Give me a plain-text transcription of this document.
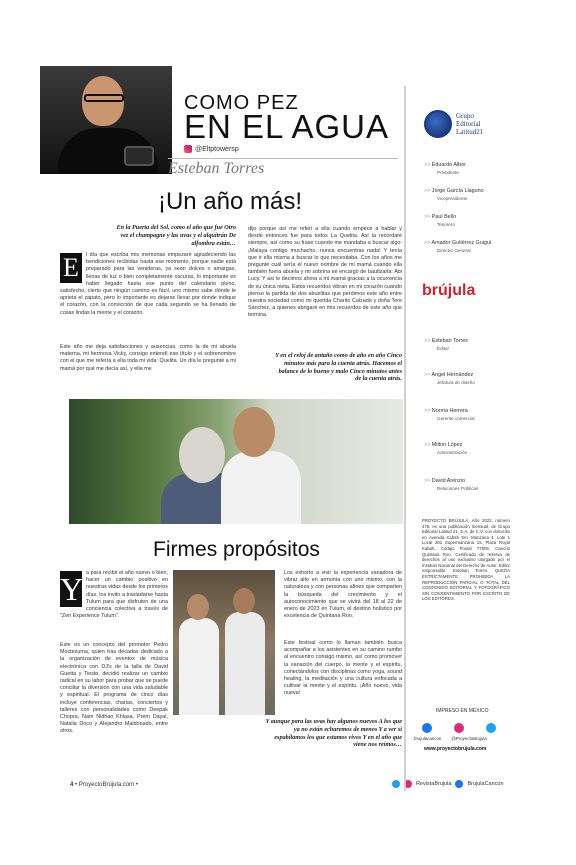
COMO PEZ
EN EL AGUA
@Eltptowersp
Esteban Torres
¡Un año más!
En la Puerta del Sol, como el año que fue Otro vez el champagne y las uvas y el alquitrán De alfombra están…
E	l día que escriba mis memorias empezaré agradeciendo las bendiciones recibidas hasta ese momento, porque nadie está preparado para las venideras, ya sean dulces o amargas, llenas de luz o bien completamente oscuras, lo importante es haber llegado hasta ese punto del calendario pleno, satisfecho, cierto que ningún camino es fácil, uno mismo sabe dónde le aprieta el zapato, pero lo importante es dejarse llevar por donde indique el corazón, con la convicción de que cada segundo se ha llenado de cosas lindas la mente y el corazón.
Este año me deja satisfacciones y ausencias, como la de mi abuela materna, mi hermosa Vicky, consigo entendí ese título y el sobrenombre con el que me refería a ella toda mi vida: Quelita. Un día le pregunté a mi mamá por qué me decía así, y ella me
dijo porque así me referí a ella cuando empecé a hablar y desde entonces fue para todos La Quelita. Así la recordaré siempre, así como su frase cuando me mandaba a buscar algo: ¡Malaya contigo muchacho, nunca encuentras nada! Y tenía que ir ella misma a buscar lo que necesitaba. Con los años me pregunté cuál sería el nuevo nombre de mi mamá cuando ella también fuera abuela y mi sobrina se encargó de bautizarla: Abi Lucy. Y así le decimos ahora a mi mamá gracias a la ocurrencia de su única nieta. Estos recuerdos vibran en mi corazón cuando pienso la partida de dos abuelitas que perdimos este año entre nuestra sociedad como mi querida Charito Calzada y doña Tere Sánchez, a quienes abrigaré en mis recuerdos de este año que termina.
Y en el reloj de antaño como de año en año Cinco minutos más para la cuenta atrás. Hacemos el balance de lo bueno y malo Cinco minutos antes de la cuenta atrás.
Firmes propósitos
Y a para recibir el año nuevo o bien, hacer un cambio positivo en nuestras vidas desde los primeros días, los invito a trasladarse hasta Tulum para que disfruten de una conciencia colectiva a través de "Zen Experience Tulum".
Este es un concepto del promotor Pedro Moctezuma, quien tras décadas dedicado a la organización de eventos de música electrónica con DJ's de la talla de David Guetta y Tiesto, decidió realizar un cambio radical en su labor para probar que se puede conciliar la diversión con una vida saludable y espiritual. El programa de cinco días incluye conferencias, charlas, conciertos y talleres con personalidades como Deepak Chopra, Nam Nidhan Khlasa, Prem Dayal, Natalia Doco y Alejandro Maldonado, entre otros.
Los exhorto a vivir la experiencia sanadora de vibrar alto en armonía con uno mismo, con la naturaleza y con personas afines que comparten la búsqueda del crecimiento y el autoconocimiento que se vivirá del 18 al 22 de enero de 2023 en Tulum, el destino holístico por excelencia de Quintana Roo.
Este festival como lo llaman también busca acompañar a los asistentes en su camino rumbo al encuentro consigo mismo, así como promover la sanación del cuerpo, la mente y el espíritu, conectándolos con disciplinas como yoga, sound healing, la meditación y una cultura enfocada a cultivar la mente y el espíritu. ¡Año nuevo, vida nueva!
Y aunque para las uvas hay algunos nuevos A los que ya no están echaremos de menos Y a ver si espabilamos los que estamos vivos Y en el año que viene nos reímos…
4 • ProyectoBrújula.com •	RevistaBrujula	BrujulaCancún
Grupo
Editorial
Latitud21
>> Eduardo Albor
Presidente
>> Jorge García Llaguno
Vicepresidente
>> Paul Bello
Tesorero
>> Amador Gutiérrez Guigui
Director General
brújula
>> Esteban Torres
Editor
>> Angel Hernández
Jefatura de diseño
>> Norma Herrera
Gerente comercial
>> Milton López
Administración
>> David Arenzio
Relaciones Públicas
PROYECTO BRÚJULA, Año 2022, número 475, es una publicación mensual, de Grupo Editorial Latitud 21, S.A. de C.V. con domicilio en Avenida Kabah Sm. Manzana 4, Lote 1 Local 201 Supermanzana 15, Plaza Royal Kabah, Código Postal 77505, Cancún Quintana Roo. Certificado de reserva de derechos al uso exclusivo otorgado por el Instituto Nacional del Derecho de Autor. Editor responsable: Esteban Torres. QUEDA ESTRICTAMENTE PROHIBIDA LA REPRODUCCIÓN PARCIAL O TOTAL DEL CONTENIDO EDITORIAL Y FOTOGRÁFICO SIN CONSENTIMIENTO POR ESCRITO DE LOS EDITORES.
IMPRESO EN MÉXICO
brujulacancun @ProyectoBrujula
www.proyectobrujula.com
